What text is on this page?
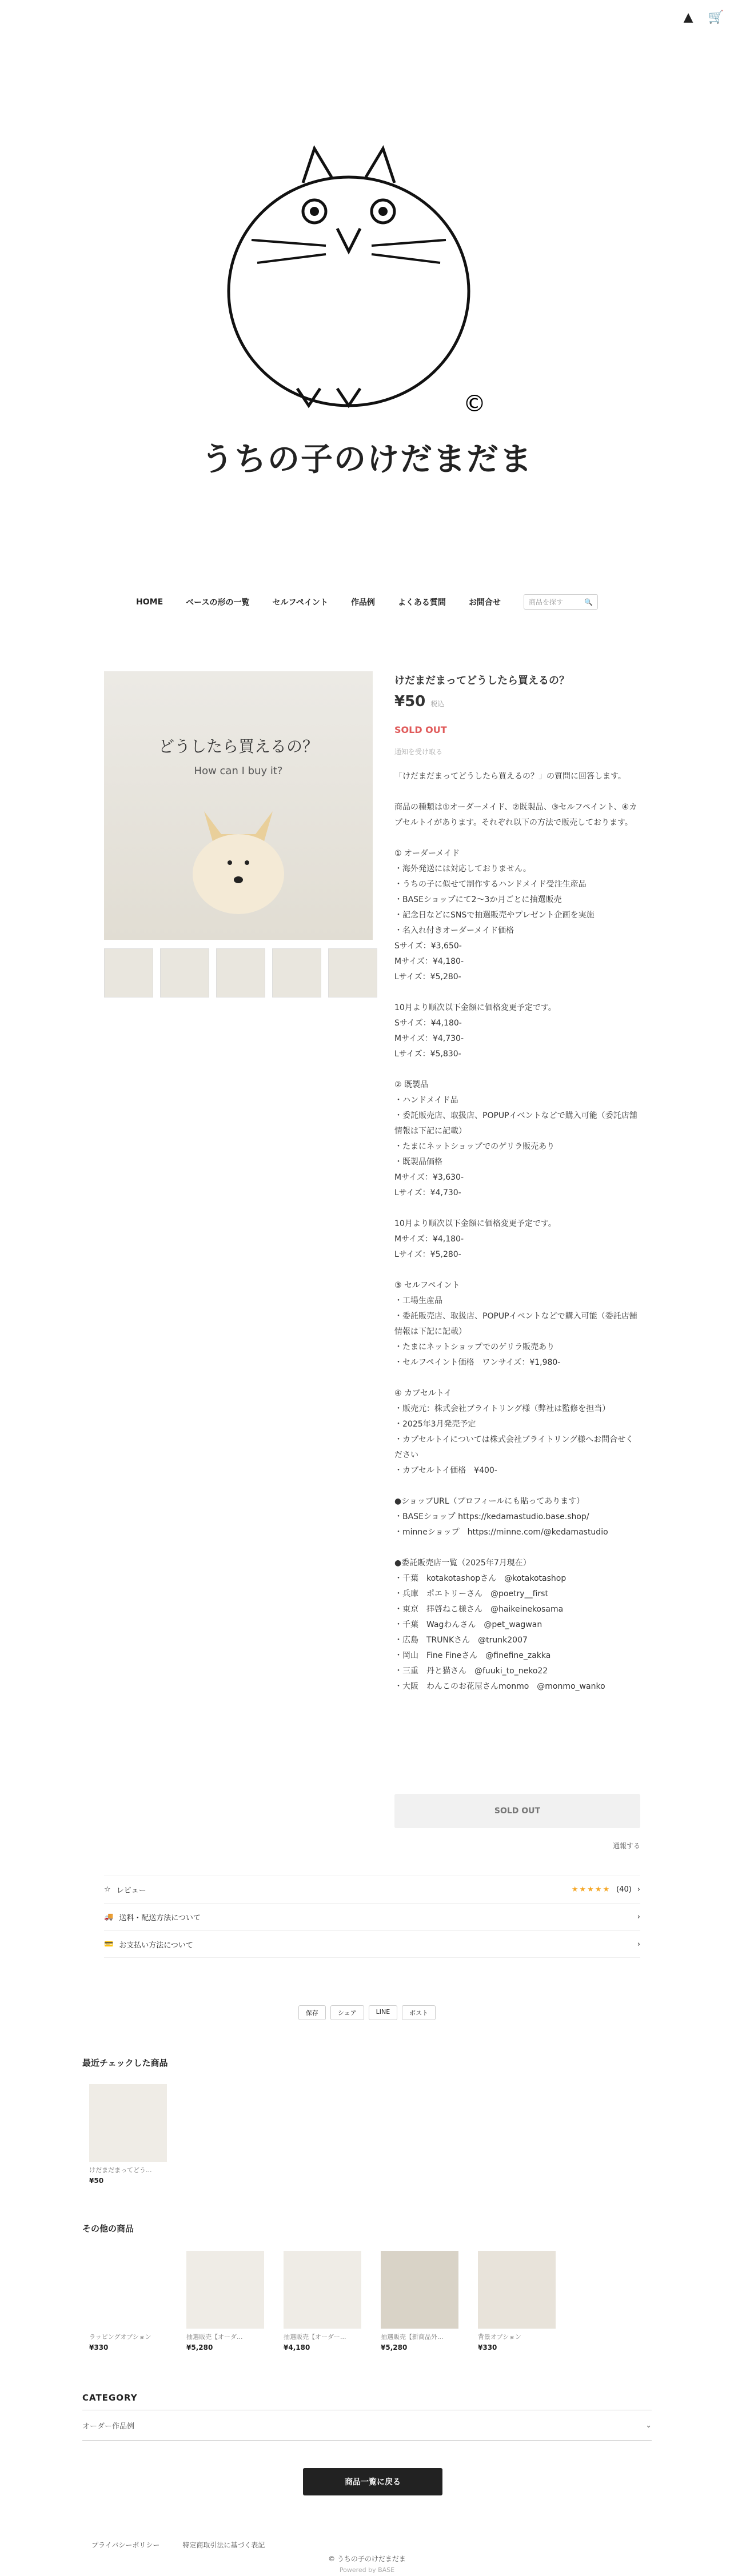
▲ 🛒
©
うちの子のけだまだま
HOME	ベースの形の一覧	セルフペイント	作品例	よくある質問	お問合せ	商品を探す	🔍
どうしたら買えるの？
How can I buy it?
けだまだまってどうしたら買えるの？
¥50 税込
SOLD OUT
通知を受け取る
「けだまだまってどうしたら買えるの？」の質問に回答します。

商品の種類は①オーダーメイド、②既製品、③セルフペイント、④カプセルトイがあります。それぞれ以下の方法で販売しております。

① オーダーメイド
・海外発送には対応しておりません。
・うちの子に似せて制作するハンドメイド受注生産品
・BASEショップにて2〜3か月ごとに抽選販売
・記念日などにSNSで抽選販売やプレゼント企画を実施
・名入れ付きオーダーメイド価格
Sサイズ：¥3,650-
Mサイズ：¥4,180-
Lサイズ：¥5,280-

10月より順次以下金額に価格変更予定です。
Sサイズ：¥4,180-
Mサイズ：¥4,730-
Lサイズ：¥5,830-

② 既製品
・ハンドメイド品
・委託販売店、取扱店、POPUPイベントなどで購入可能（委託店舗情報は下記に記載）
・たまにネットショップでのゲリラ販売あり
・既製品価格
Mサイズ：¥3,630-
Lサイズ：¥4,730-

10月より順次以下金額に価格変更予定です。
Mサイズ：¥4,180-
Lサイズ：¥5,280-

③ セルフペイント
・工場生産品
・委託販売店、取扱店、POPUPイベントなどで購入可能（委託店舗情報は下記に記載）
・たまにネットショップでのゲリラ販売あり
・セルフペイント価格　ワンサイズ：¥1,980-

④ カプセルトイ
・販売元：株式会社ブライトリング様（弊社は監修を担当）
・2025年3月発売予定
・カプセルトイについては株式会社ブライトリング様へお問合せください
・カプセルトイ価格　¥400-

●ショップURL（プロフィールにも貼ってあります）
・BASEショップ https://kedamastudio.base.shop/
・minneショップ　https://minne.com/@kedamastudio

●委託販売店一覧（2025年7月現在）
・千葉　kotakotashopさん　@kotakotashop
・兵庫　ポエトリーさん　@poetry__first
・東京　拝啓ねこ様さん　@haikeinekosama
・千葉　Wagわんさん　@pet_wagwan
・広島　TRUNKさん　@trunk2007
・岡山　Fine Fineさん　@finefine_zakka
・三重　丹と猫さん　@fuuki_to_neko22
・大阪　わんこのお花屋さんmonmo　@monmo_wanko
SOLD OUT
通報する
☆ レビュー	★★★★★ (40) ›
🚚 送料・配送方法について	›
💳 お支払い方法について	›
保存	シェア	LINE	ポスト
最近チェックした商品
けだまだまってどう...
¥50
その他の商品
ラッピングオプション
¥330
抽選販売【オーダ...
¥5,280
抽選販売【オーダー...
¥4,180
抽選販売【新商品外...
¥5,280
背景オプション
¥330
CATEGORY
オーダー作品例	⌄
商品一覧に戻る
プライバシーポリシー	特定商取引法に基づく表記
© うちの子のけだまだま
Powered by BASE
